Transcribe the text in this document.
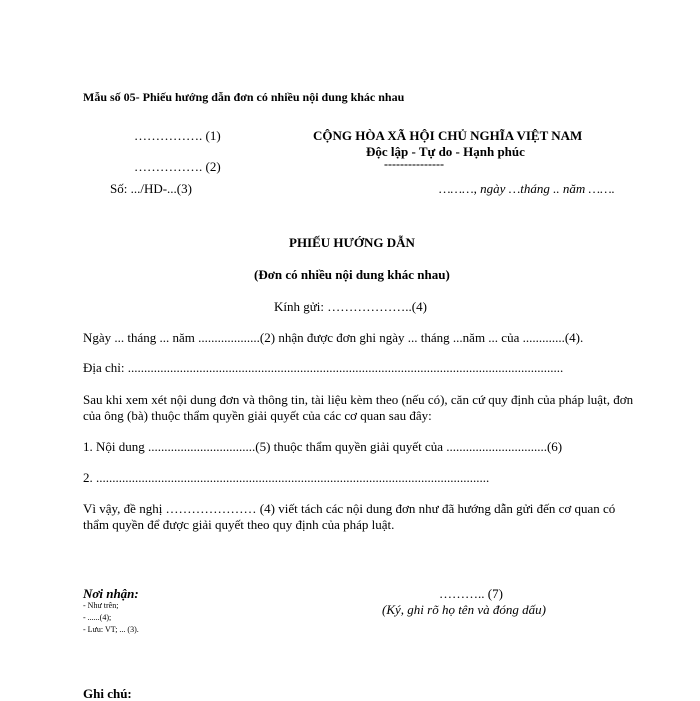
Mẫu số 05- Phiếu hướng dẫn đơn có nhiều nội dung khác nhau
……………. (1)
……………. (2)
Số: .../HD-...(3)
CỘNG HÒA XÃ HỘI CHỦ NGHĨA VIỆT NAM
Độc lập - Tự do - Hạnh phúc
---------------
………, ngày …tháng .. năm …….
PHIẾU HƯỚNG DẪN
(Đơn có nhiều nội dung khác nhau)
Kính gửi: ………………..(4)
Ngày ... tháng ... năm ...................(2) nhận được đơn ghi ngày ... tháng ...năm ... của .............(4).
Địa chỉ: ......................................................................................................................................
Sau khi xem xét nội dung đơn và thông tin, tài liệu kèm theo (nếu có), căn cứ quy định của pháp luật, đơn
của ông (bà) thuộc thẩm quyền giải quyết của các cơ quan sau đây:
1. Nội dung .................................(5) thuộc thẩm quyền giải quyết của ...............................(6)
2. .........................................................................................................................
Vì vậy, đề nghị ………………… (4) viết tách các nội dung đơn như đã hướng dẫn gửi đến cơ quan có
thẩm quyền để được giải quyết theo quy định của pháp luật.
Nơi nhận:
- Như trên;
- ......(4);
- Lưu: VT; ... (3).
……….. (7)
(Ký, ghi rõ họ tên và đóng dấu)
Ghi chú:
